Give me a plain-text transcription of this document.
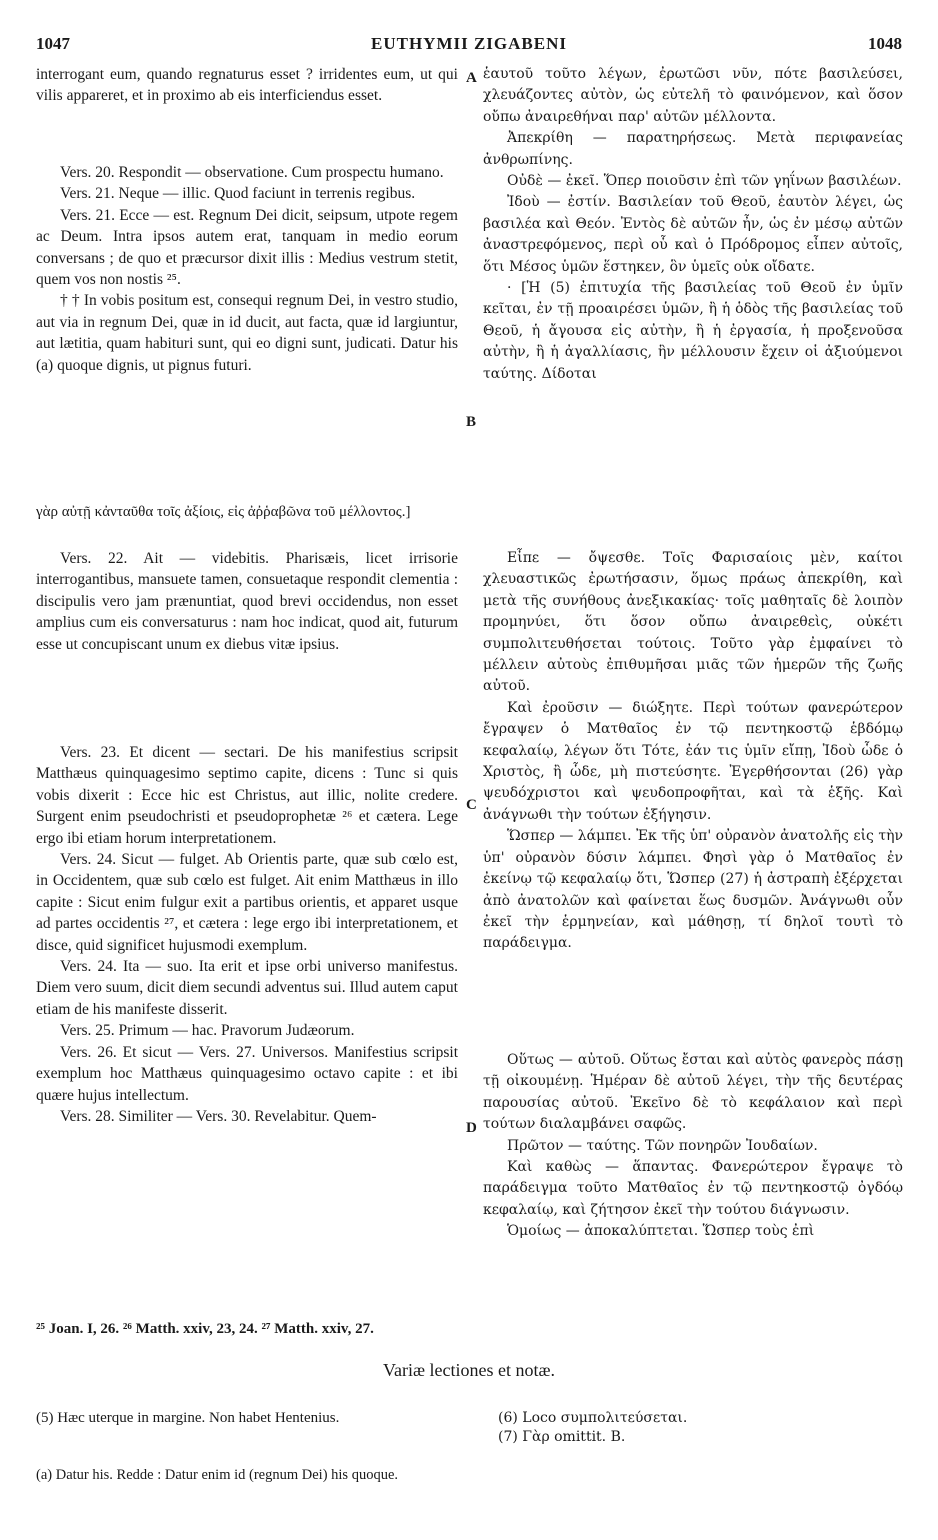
1047	EUTHYMII ZIGABENI	1048

interrogant eum, quando regnaturus esset ? irridentes eum, ut qui vilis appareret, et in proximo ab eis interficiendus esset.

Vers. 20. Respondit — observatione. Cum prospectu humano.

Vers. 21. Neque — illic. Quod faciunt in terrenis regibus.

Vers. 21. Ecce — est. Regnum Dei dicit, seipsum, utpote regem ac Deum. Intra ipsos autem erat, tanquam in medio eorum conversans ; de quo et præcursor dixit illis : Medius vestrum stetit, quem vos non nostis ²⁵.

† † In vobis positum est, consequi regnum Dei, in vestro studio, aut via in regnum Dei, quæ in id ducit, aut facta, quæ id largiuntur, aut lætitia, quam habituri sunt, qui eo digni sunt, judicati. Datur his (a) quoque dignis, ut pignus futuri.

γὰρ αὐτῇ κἀνταῦθα τοῖς ἀξίοις, εἰς ἀῤῥαβῶνα τοῦ μέλλοντος.]

Vers. 22. Ait — videbitis. Pharisæis, licet irrisorie interrogantibus, mansuete tamen, consuetaque respondit clementia : discipulis vero jam prænuntiat, quod brevi occidendus, non esset amplius cum eis conversaturus : nam hoc indicat, quod ait, futurum esse ut concupiscant unum ex diebus vitæ ipsius.

Vers. 23. Et dicent — sectari. De his manifestius scripsit Matthæus quinquagesimo septimo capite, dicens : Tunc si quis vobis dixerit : Ecce hic est Christus, aut illic, nolite credere. Surgent enim pseudochristi et pseudoprophetæ ²⁶ et cætera. Lege ergo ibi etiam horum interpretationem.

Vers. 24. Sicut — fulget. Ab Orientis parte, quæ sub cœlo est, in Occidentem, quæ sub cœlo est fulget. Ait enim Matthæus in illo capite : Sicut enim fulgur exit a partibus orientis, et apparet usque ad partes occidentis ²⁷, et cætera : lege ergo ibi interpretationem, et disce, quid significet hujusmodi exemplum.

Vers. 24. Ita — suo. Ita erit et ipse orbi universo manifestus. Diem vero suum, dicit diem secundi adventus sui. Illud autem caput etiam de his manifeste disserit.

Vers. 25. Primum — hac. Pravorum Judæorum.

Vers. 26. Et sicut — Vers. 27. Universos. Manifestius scripsit exemplum hoc Matthæus quinquagesimo octavo capite : et ibi quære hujus intellectum.

Vers. 28. Similiter — Vers. 30. Revelabitur. Quem-

ἑαυτοῦ τοῦτο λέγων, ἐρωτῶσι νῦν, πότε βασιλεύσει, χλευάζοντες αὐτὸν, ὡς εὐτελῆ τὸ φαινόμενον, καὶ ὅσον οὔπω ἀναιρεθήναι παρ' αὐτῶν μέλλοντα.

Ἀπεκρίθη — παρατηρήσεως. Μετὰ περιφανείας ἀνθρωπίνης.

Οὐδὲ — ἐκεῖ. Ὅπερ ποιοῦσιν ἐπὶ τῶν γηΐνων βασιλέων.

Ἰδοὺ — ἐστίν. Βασιλείαν τοῦ Θεοῦ, ἑαυτὸν λέγει, ὡς βασιλέα καὶ Θεόν. Ἐντὸς δὲ αὐτῶν ἦν, ὡς ἐν μέσῳ αὐτῶν ἀναστρεφόμενος, περὶ οὗ καὶ ὁ Πρόδρομος εἶπεν αὐτοῖς, ὅτι Μέσος ὑμῶν ἕστηκεν, ὃν ὑμεῖς οὐκ οἴδατε.

· [Ἡ (5) ἐπιτυχία τῆς βασιλείας τοῦ Θεοῦ ἐν ὑμῖν κεῖται, ἐν τῇ προαιρέσει ὑμῶν, ἢ ἡ ὁδὸς τῆς βασιλείας τοῦ Θεοῦ, ἡ ἄγουσα εἰς αὐτὴν, ἢ ἡ ἐργασία, ἡ προξενοῦσα αὐτὴν, ἢ ἡ ἀγαλλίασις, ἣν μέλλουσιν ἔχειν οἱ ἀξιούμενοι ταύτης. Δίδοται

Εἶπε — ὄψεσθε. Τοῖς Φαρισαίοις μὲν, καίτοι χλευαστικῶς ἐρωτήσασιν, ὅμως πράως ἀπεκρίθη, καὶ μετὰ τῆς συνήθους ἀνεξικακίας· τοῖς μαθηταῖς δὲ λοιπὸν προμηνύει, ὅτι ὅσον οὔπω ἀναιρεθεὶς, οὐκέτι συμπολιτευθήσεται τούτοις. Τοῦτο γὰρ ἐμφαίνει τὸ μέλλειν αὐτοὺς ἐπιθυμῆσαι μιᾶς τῶν ἡμερῶν τῆς ζωῆς αὐτοῦ.

Καὶ ἐροῦσιν — διώξητε. Περὶ τούτων φανερώτερον ἔγραψεν ὁ Ματθαῖος ἐν τῷ πεντηκοστῷ ἑβδόμῳ κεφαλαίῳ, λέγων ὅτι Τότε, ἐάν τις ὑμῖν εἴπῃ, Ἰδοὺ ὧδε ὁ Χριστὸς, ἢ ὧδε, μὴ πιστεύσητε. Ἐγερθήσονται (26) γὰρ ψευδόχριστοι καὶ ψευδοπροφῆται, καὶ τὰ ἑξῆς. Καὶ ἀνάγνωθι τὴν τούτων ἐξήγησιν.

Ὥσπερ — λάμπει. Ἐκ τῆς ὑπ' οὐρανὸν ἀνατολῆς εἰς τὴν ὑπ' οὐρανὸν δύσιν λάμπει. Φησὶ γὰρ ὁ Ματθαῖος ἐν ἐκείνῳ τῷ κεφαλαίῳ ὅτι, Ὥσπερ (27) ἡ ἀστραπὴ ἐξέρχεται ἀπὸ ἀνατολῶν καὶ φαίνεται ἕως δυσμῶν. Ἀνάγνωθι οὖν ἐκεῖ τὴν ἑρμηνείαν, καὶ μάθησῃ, τί δηλοῖ τουτὶ τὸ παράδειγμα.

Οὕτως — αὐτοῦ. Οὕτως ἔσται καὶ αὐτὸς φανερὸς πάσῃ τῇ οἰκουμένῃ. Ἡμέραν δὲ αὐτοῦ λέγει, τὴν τῆς δευτέρας παρουσίας αὐτοῦ. Ἐκεῖνο δὲ τὸ κεφάλαιον καὶ περὶ τούτων διαλαμβάνει σαφῶς.

Πρῶτον — ταύτης. Τῶν πονηρῶν Ἰουδαίων.

Καὶ καθὼς — ἅπαντας. Φανερώτερον ἔγραψε τὸ παράδειγμα τοῦτο Ματθαῖος ἐν τῷ πεντηκοστῷ ὀγδόῳ κεφαλαίῳ, καὶ ζήτησον ἐκεῖ τὴν τούτου διάγνωσιν.

Ὁμοίως — ἀποκαλύπτεται. Ὥσπερ τοὺς ἐπὶ

A
B
C
D
²⁵ Joan. I, 26. ²⁶ Matth. xxiv, 23, 24. ²⁷ Matth. xxiv, 27.
Variæ lectiones et notæ.
(5) Hæc uterque in margine. Non habet Hentenius.	(6) Loco συμπολιτεύσεται.
(7) Γὰρ omittit. B.
(a) Datur his. Redde : Datur enim id (regnum Dei) his quoque.
